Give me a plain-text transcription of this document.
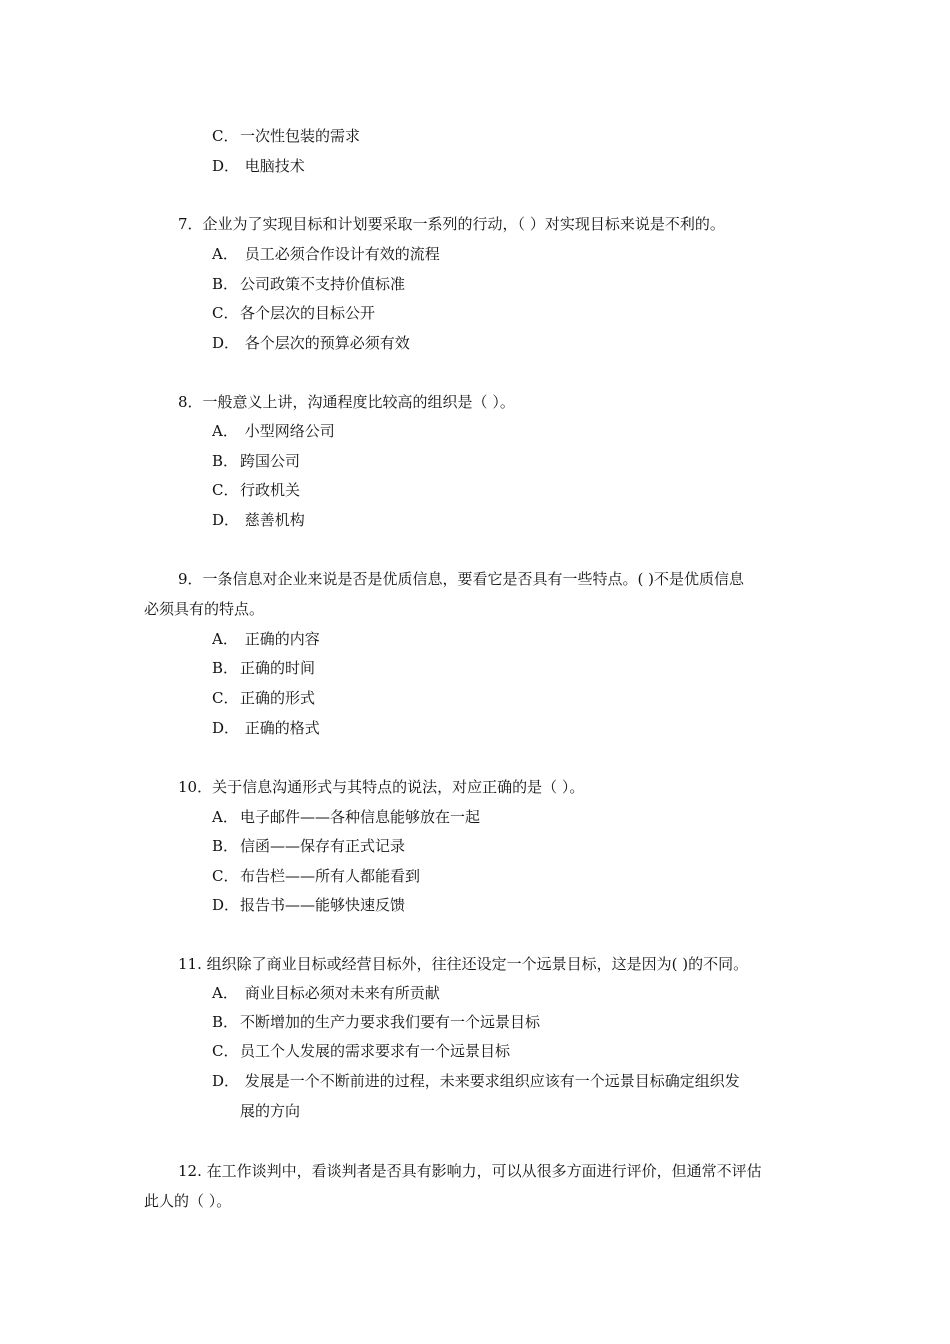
C． 一次性包装的需求
D． 电脑技术
7．企业为了实现目标和计划要采取一系列的行动，（ ）对实现目标来说是不利的。
A． 员工必须合作设计有效的流程
B． 公司政策不支持价值标准
C． 各个层次的目标公开
D． 各个层次的预算必须有效
8．一般意义上讲，沟通程度比较高的组织是（ ）。
A． 小型网络公司
B． 跨国公司
C． 行政机关
D． 慈善机构
9．一条信息对企业来说是否是优质信息，要看它是否具有一些特点。( )不是优质信息
必须具有的特点。
A． 正确的内容
B． 正确的时间
C． 正确的形式
D． 正确的格式
10．关于信息沟通形式与其特点的说法，对应正确的是（ ）。
A． 电子邮件——各种信息能够放在一起
B． 信函——保存有正式记录
C． 布告栏——所有人都能看到
D．报告书——能够快速反馈
11. 组织除了商业目标或经营目标外，往往还设定一个远景目标，这是因为( )的不同。
A． 商业目标必须对未来有所贡献
B． 不断增加的生产力要求我们要有一个远景目标
C． 员工个人发展的需求要求有一个远景目标
D． 发展是一个不断前进的过程，未来要求组织应该有一个远景目标确定组织发
展的方向
12. 在工作谈判中，看谈判者是否具有影响力，可以从很多方面进行评价，但通常不评估
此人的（ ）。
